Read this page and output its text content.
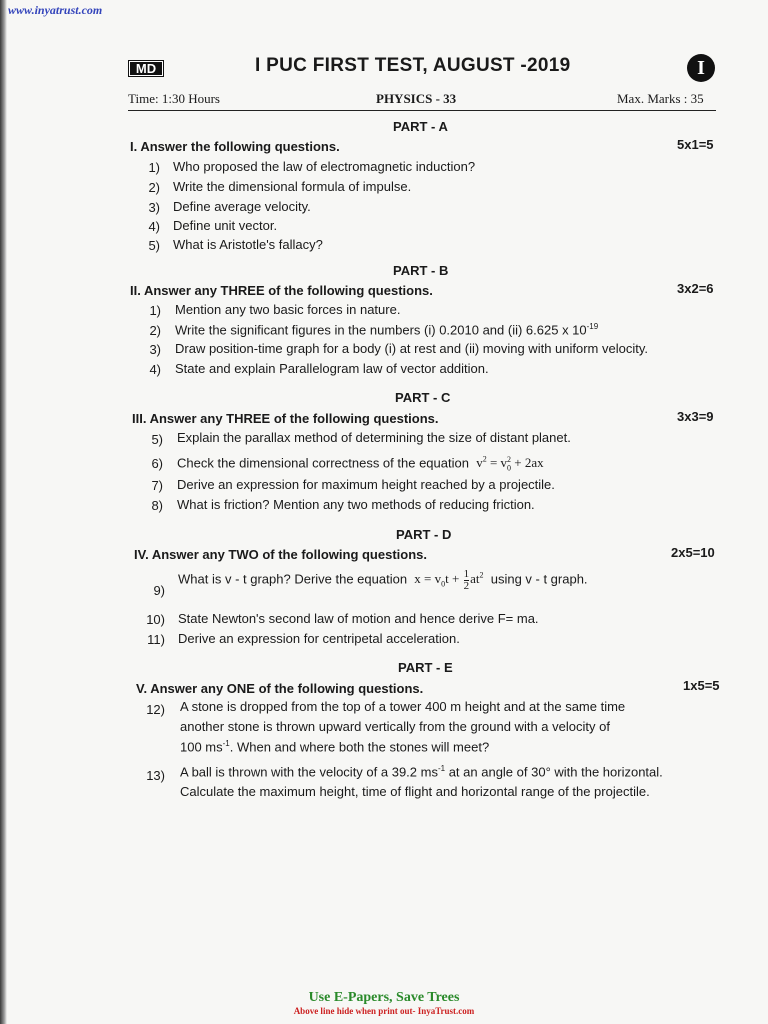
www.inyatrust.com
MD	I PUC FIRST TEST, AUGUST -2019	I
Time: 1:30 Hours	PHYSICS - 33	Max. Marks : 35
PART - A
I. Answer the following questions.	5x1=5
1) Who proposed the law of electromagnetic induction?
2) Write the dimensional formula of impulse.
3) Define average velocity.
4) Define unit vector.
5) What is Aristotle's fallacy?
PART - B
II. Answer any THREE of the following questions.	3x2=6
1) Mention any two basic forces in nature.
2) Write the significant figures in the numbers (i) 0.2010 and (ii) 6.625 x $10^{-19}$
3) Draw position-time graph for a body (i) at rest and (ii) moving with uniform velocity.
4) State and explain Parallelogram law of vector addition.
PART - C
III. Answer any THREE of the following questions.	3x3=9
5) Explain the parallax method of determining the size of distant planet.
6) Check the dimensional correctness of the equation $v^2 = v_0^2 + 2ax$
7) Derive an expression for maximum height reached by a projectile.
8) What is friction? Mention any two methods of reducing friction.
PART - D
IV. Answer any TWO of the following questions.	2x5=10
9)
What is v - t graph? Derive the equation $x = v_0t + \frac{1}{2} at^2$ using v - t graph.
10) State Newton's second law of motion and hence derive F= ma.
11) Derive an expression for centripetal acceleration.
PART - E
V. Answer any ONE of the following questions.	1x5=5
12) A stone is dropped from the top of a tower 400 m height and at the same time
another stone is thrown upward vertically from the ground with a velocity of
100 $ms^{-1}$. When and where both the stones will meet?
13) A ball is thrown with the velocity of a 39.2 $ms^{-1}$ at an angle of 30° with the horizontal.
Calculate the maximum height, time of flight and horizontal range of the projectile.
Use E-Papers, Save Trees
Above line hide when print out- InyaTrust.com
